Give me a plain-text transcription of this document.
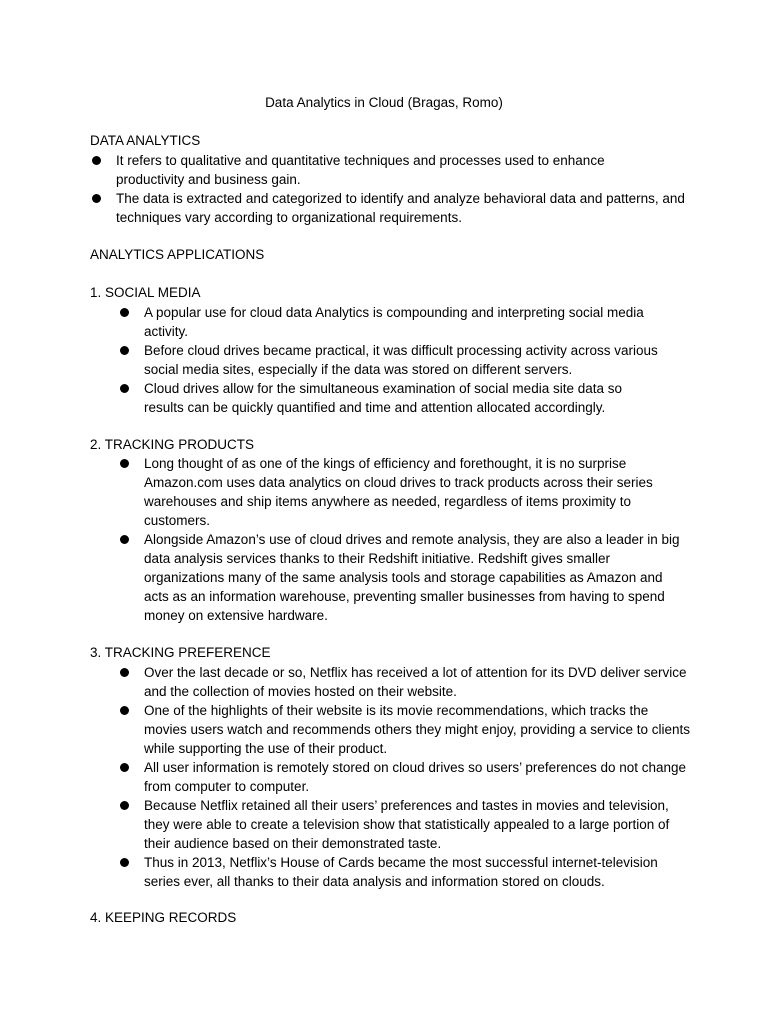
Data Analytics in Cloud (Bragas, Romo)
DATA ANALYTICS
It refers to qualitative and quantitative techniques and processes used to enhance productivity and business gain.
The data is extracted and categorized to identify and analyze behavioral data and patterns, and techniques vary according to organizational requirements.
ANALYTICS APPLICATIONS
1. SOCIAL MEDIA
A popular use for cloud data Analytics is compounding and interpreting social media activity.
Before cloud drives became practical, it was difficult processing activity across various social media sites, especially if the data was stored on different servers.
Cloud drives allow for the simultaneous examination of social media site data so results can be quickly quantified and time and attention allocated accordingly.
2. TRACKING PRODUCTS
Long thought of as one of the kings of efficiency and forethought, it is no surprise Amazon.com uses data analytics on cloud drives to track products across their series warehouses and ship items anywhere as needed, regardless of items proximity to customers.
Alongside Amazon’s use of cloud drives and remote analysis, they are also a leader in big data analysis services thanks to their Redshift initiative. Redshift gives smaller organizations many of the same analysis tools and storage capabilities as Amazon and acts as an information warehouse, preventing smaller businesses from having to spend money on extensive hardware.
3. TRACKING PREFERENCE
Over the last decade or so, Netflix has received a lot of attention for its DVD deliver service and the collection of movies hosted on their website.
One of the highlights of their website is its movie recommendations, which tracks the movies users watch and recommends others they might enjoy, providing a service to clients while supporting the use of their product.
All user information is remotely stored on cloud drives so users’ preferences do not change from computer to computer.
Because Netflix retained all their users’ preferences and tastes in movies and television, they were able to create a television show that statistically appealed to a large portion of their audience based on their demonstrated taste.
Thus in 2013, Netflix’s House of Cards became the most successful internet-television series ever, all thanks to their data analysis and information stored on clouds.
4. KEEPING RECORDS
